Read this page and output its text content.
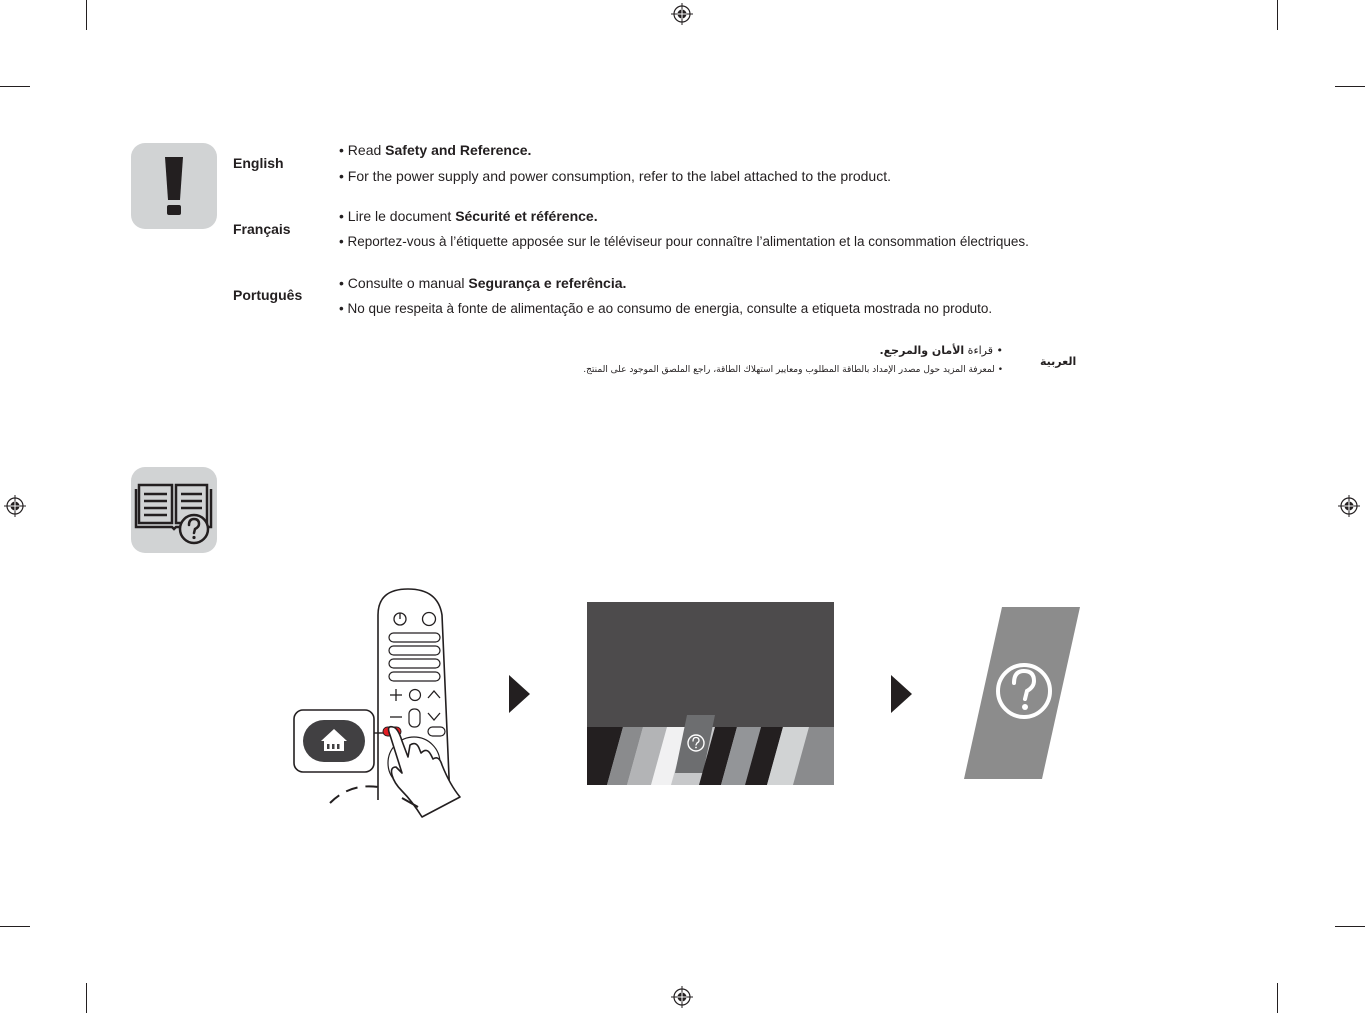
English
• Read Safety and Reference.
• For the power supply and power consumption, refer to the label attached to the product.
Français
• Lire le document Sécurité et référence.
• Reportez-vous à l’étiquette apposée sur le téléviseur pour connaître l’alimentation et la consommation électriques.
Português
• Consulte o manual Segurança e referência.
• No que respeita à fonte de alimentação e ao consumo de energia, consulte a etiqueta mostrada no produto.
العربية
• قراءة الأمان والمرجع.
• لمعرفة المزيد حول مصدر الإمداد بالطاقة المطلوب ومعايير استهلاك الطاقة، راجع الملصق الموجود على المنتج.
